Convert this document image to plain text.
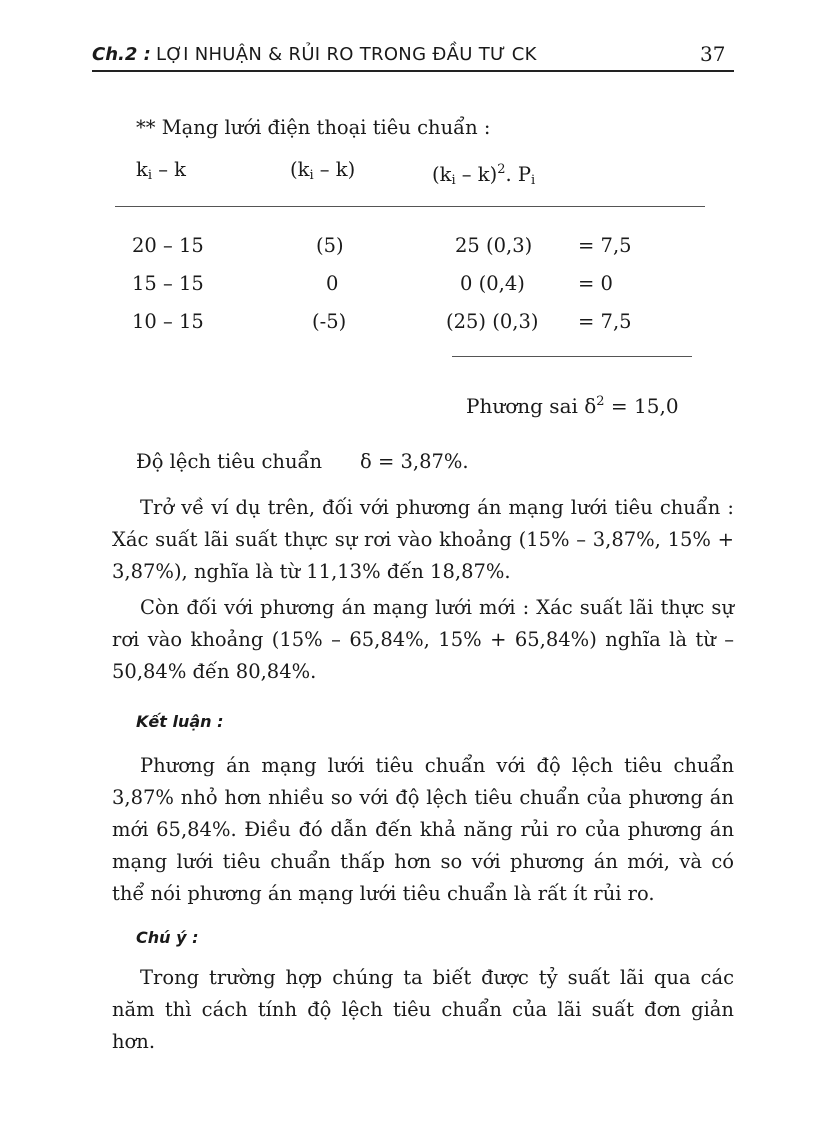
Ch.2 : LỢI NHUẬN & RỦI RO TRONG ĐẦU TƯ CK	37
** Mạng lưới điện thoại tiêu chuẩn :
$k_i$ – k	$(k_i - k)$	$(k_i - k)^2$. $P_i$
20 – 15	(5)	25 (0,3) = 7,5
15 – 15	0	0 (0,4)	= 0
10 – 15	(-5)	(25) (0,3) = 7,5
Phương sai $\delta^2 = 15,0$
Độ lệch tiêu chuẩn δ = 3,87%.
Trở về ví dụ trên, đối với phương án mạng lưới tiêu chuẩn : Xác suất lãi suất thực sự rơi vào khoảng (15% – 3,87%, 15% + 3,87%), nghĩa là từ 11,13% đến 18,87%.
Còn đối với phương án mạng lưới mới : Xác suất lãi thực sự rơi vào khoảng (15% – 65,84%, 15% + 65,84%) nghĩa là từ – 50,84% đến 80,84%.
Kết luận :
Phương án mạng lưới tiêu chuẩn với độ lệch tiêu chuẩn 3,87% nhỏ hơn nhiều so với độ lệch tiêu chuẩn của phương án mới 65,84%. Điều đó dẫn đến khả năng rủi ro của phương án mạng lưới tiêu chuẩn thấp hơn so với phương án mới, và có thể nói phương án mạng lưới tiêu chuẩn là rất ít rủi ro.
Chú ý :
Trong trường hợp chúng ta biết được tỷ suất lãi qua các năm thì cách tính độ lệch tiêu chuẩn của lãi suất đơn giản hơn.
